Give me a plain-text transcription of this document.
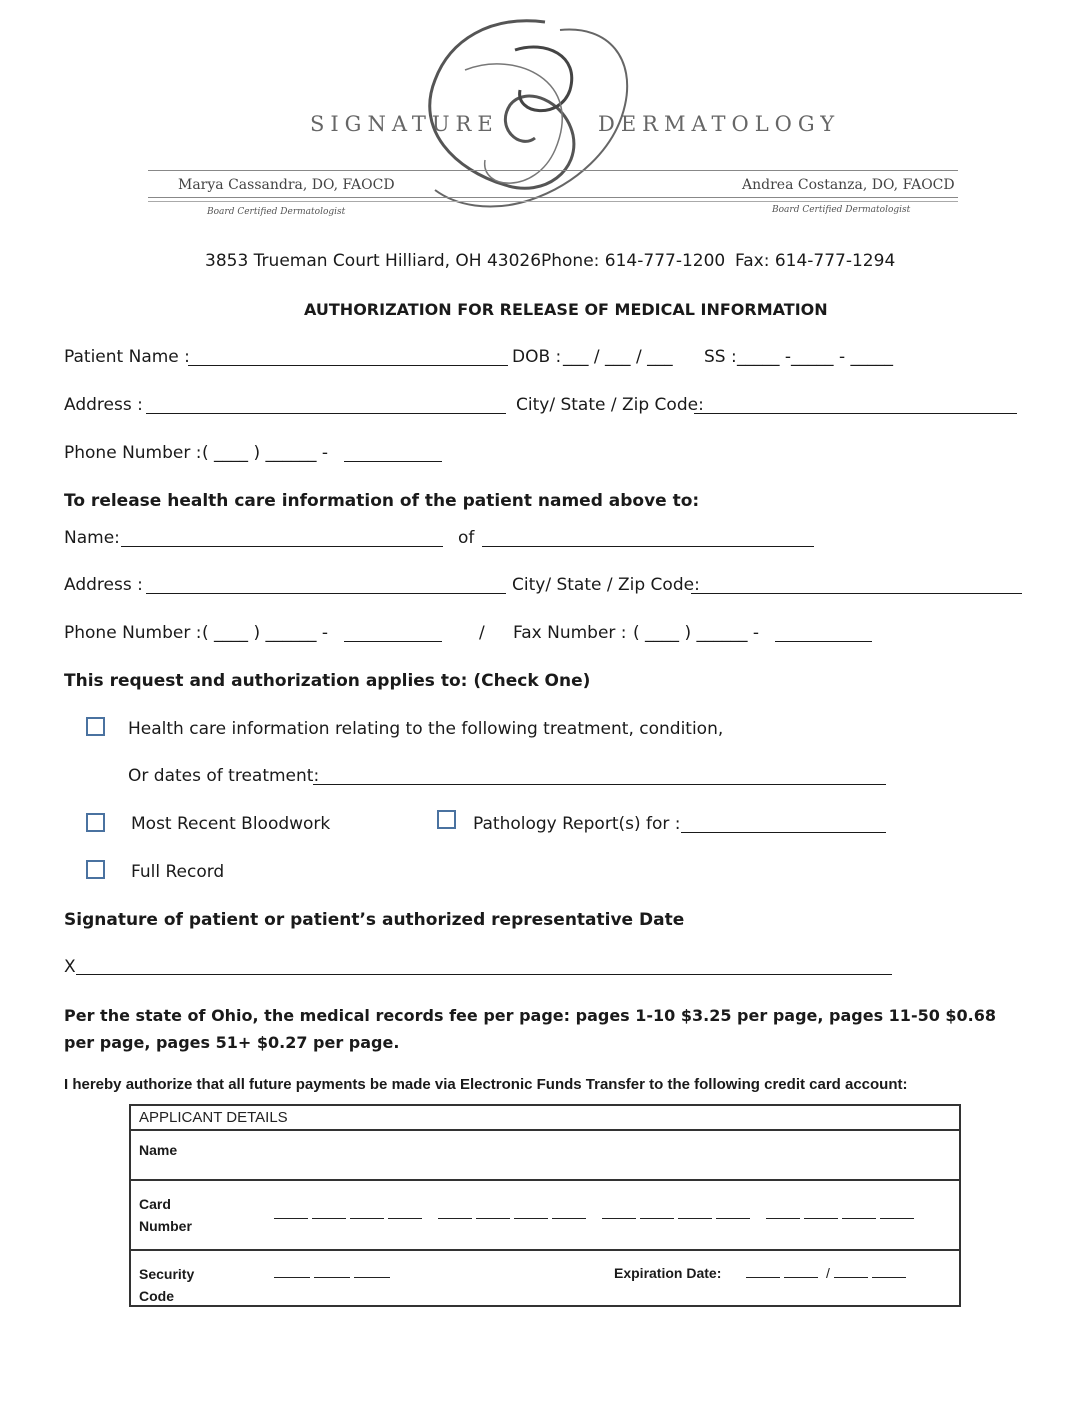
SIGNATURE	DERMATOLOGY
Marya Cassandra, DO, FAOCD
Board Certified Dermatologist
Andrea Costanza, DO, FAOCD
Board Certified Dermatologist
3853 Trueman Court Hilliard, OH 43026 Phone: 614-777-1200 Fax: 614-777-1294
AUTHORIZATION FOR RELEASE OF MEDICAL INFORMATION
Patient Name :	DOB : ___ / ___ / ___ SS : _____ -_____ - _____
Address :	City/ State / Zip Code:
Phone Number : ( ____ ) ______ -
To release health care information of the patient named above to:
Name:	of
Address :	City/ State / Zip Code:
Phone Number : ( ____ ) ______ -	/ Fax Number : ( ____ ) ______ -
This request and authorization applies to: (Check One)
Health care information relating to the following treatment, condition,
Or dates of treatment:
Most Recent Bloodwork	Pathology Report(s) for :
Full Record
Signature of patient or patient’s authorized representative Date
X
Per the state of Ohio, the medical records fee per page: pages 1-10 $3.25 per page, pages 11-50 $0.68 per page, pages 51+ $0.27 per page.
I hereby authorize that all future payments be made via Electronic Funds Transfer to the following credit card account:
APPLICANT DETAILS
Name

Card Number

Security Code
Expiration Date:	/
